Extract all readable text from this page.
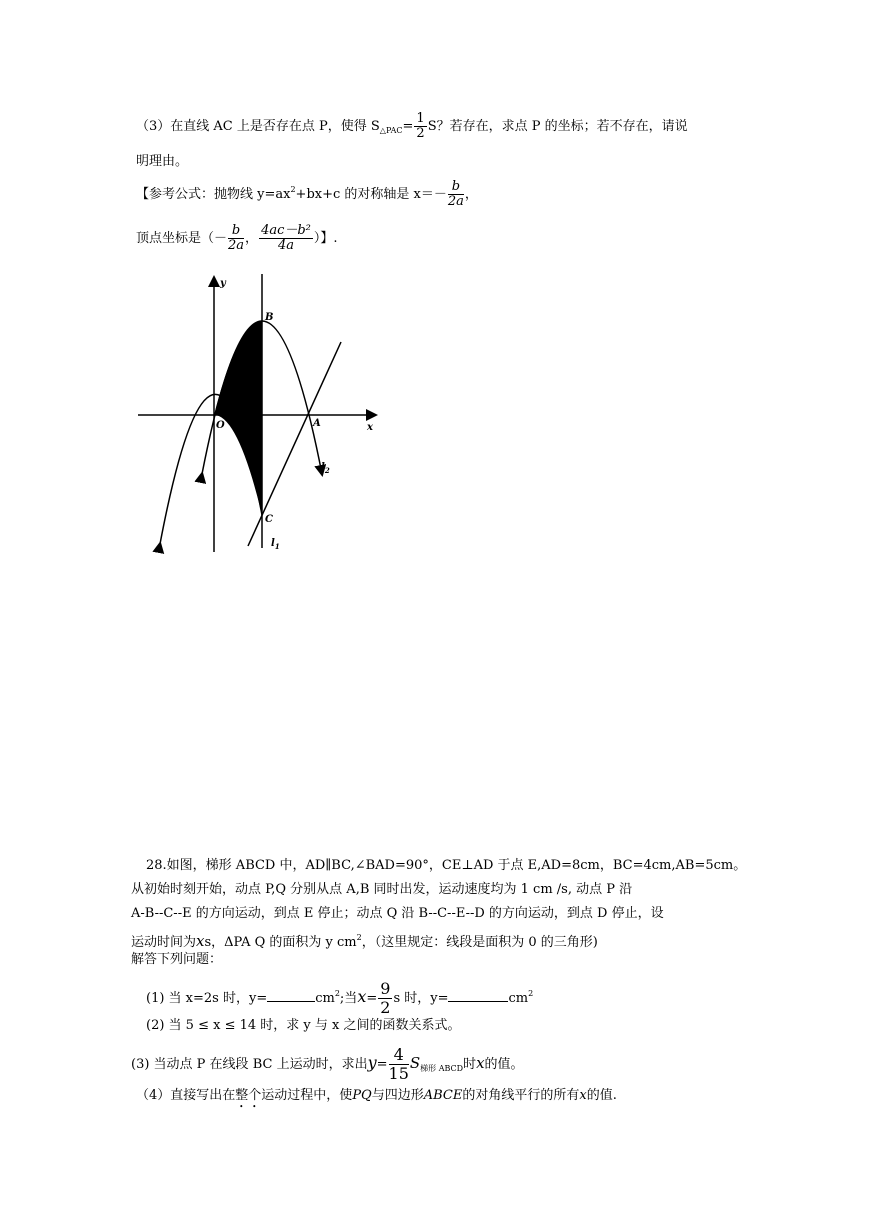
（3）在直线 AC 上是否存在点 P，使得 $S_{\triangle PAC}= \frac{1}{2}$ S？若存在，求点 P 的坐标；若不存在，请说
明理由。
【参考公式：抛物线 $y=ax^2+bx+c$ 的对称轴是 $x=- \frac{b}{2a}$ ，
顶点坐标是（－ $\frac{b}{2a}$ ， $\frac{\text{4ac－b²}}{4a}$ ）】.
y
x
O	A
B
C
$l_2$
$l_1$
28.如图，梯形 ABCD 中，AD∥BC,∠BAD=90°，CE⊥AD 于点 E,AD=8cm，BC=4cm,AB=5cm。
从初始时刻开始，动点 P,Q 分别从点 A,B 同时出发，运动速度均为 1 cm /s, 动点 P 沿
A-B--C--E 的方向运动，到点 E 停止；动点 Q 沿 B--C--E--D 的方向运动，到点 D 停止，设
运动时间为xs，ΔPA Q 的面积为 y $cm^2$，（这里规定：线段是面积为 0 的三角形)
解答下列问题：
(1) 当 x=2s 时，y=	$cm^2$;当$x= \frac{9}{2}$ s 时，y=	$cm^2$
(2) 当 5 ≤ x ≤ 14 时，求 y 与 x 之间的函数关系式。
(3) 当动点 P 在线段 BC 上运动时，求出$y= \frac{4}{15} S_{梯形 ABCD}$时x的值。
（4）直接写出在整个运动过程中，使PQ与四边形ABCE的对角线平行的所有x的值.
